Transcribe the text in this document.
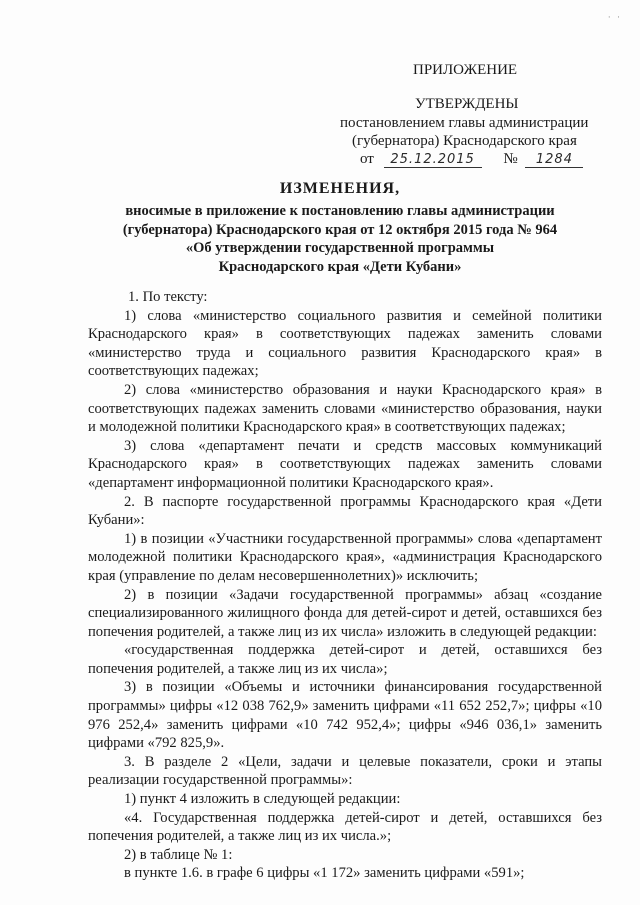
· ·
ПРИЛОЖЕНИЕ
УТВЕРЖДЕНЫ
постановлением главы администрации
(губернатора) Краснодарского края
от 25.12.2015 № 1284
ИЗМЕНЕНИЯ,
вносимые в приложение к постановлению главы администрации
(губернатора) Краснодарского края от 12 октября 2015 года № 964
«Об утверждении государственной программы
Краснодарского края «Дети Кубани»

1. По тексту:

1) слова «министерство социального развития и семейной политики Краснодарского края» в соответствующих падежах заменить словами «министерство труда и социального развития Краснодарского края» в соответствующих падежах;

2) слова «министерство образования и науки Краснодарского края» в соответствующих падежах заменить словами «министерство образования, науки и молодежной политики Краснодарского края» в соответствующих падежах;

3) слова «департамент печати и средств массовых коммуникаций Краснодарского края» в соответствующих падежах заменить словами «департамент информационной политики Краснодарского края».

2. В паспорте государственной программы Краснодарского края «Дети Кубани»:

1) в позиции «Участники государственной программы» слова «департамент молодежной политики Краснодарского края», «администрация Краснодарского края (управление по делам несовершеннолетних)» исключить;

2) в позиции «Задачи государственной программы» абзац «создание специализированного жилищного фонда для детей-сирот и детей, оставшихся без попечения родителей, а также лиц из их числа» изложить в следующей редакции:

«государственная поддержка детей-сирот и детей, оставшихся без попечения родителей, а также лиц из их числа»;

3) в позиции «Объемы и источники финансирования государственной программы» цифры «12 038 762,9» заменить цифрами «11 652 252,7»; цифры «10 976 252,4» заменить цифрами «10 742 952,4»; цифры «946 036,1» заменить цифрами «792 825,9».

3. В разделе 2 «Цели, задачи и целевые показатели, сроки и этапы реализации государственной программы»:

1) пункт 4 изложить в следующей редакции:

«4. Государственная поддержка детей-сирот и детей, оставшихся без попечения родителей, а также лиц из их числа.»;

2) в таблице № 1:

в пункте 1.6. в графе 6 цифры «1 172» заменить цифрами «591»;
